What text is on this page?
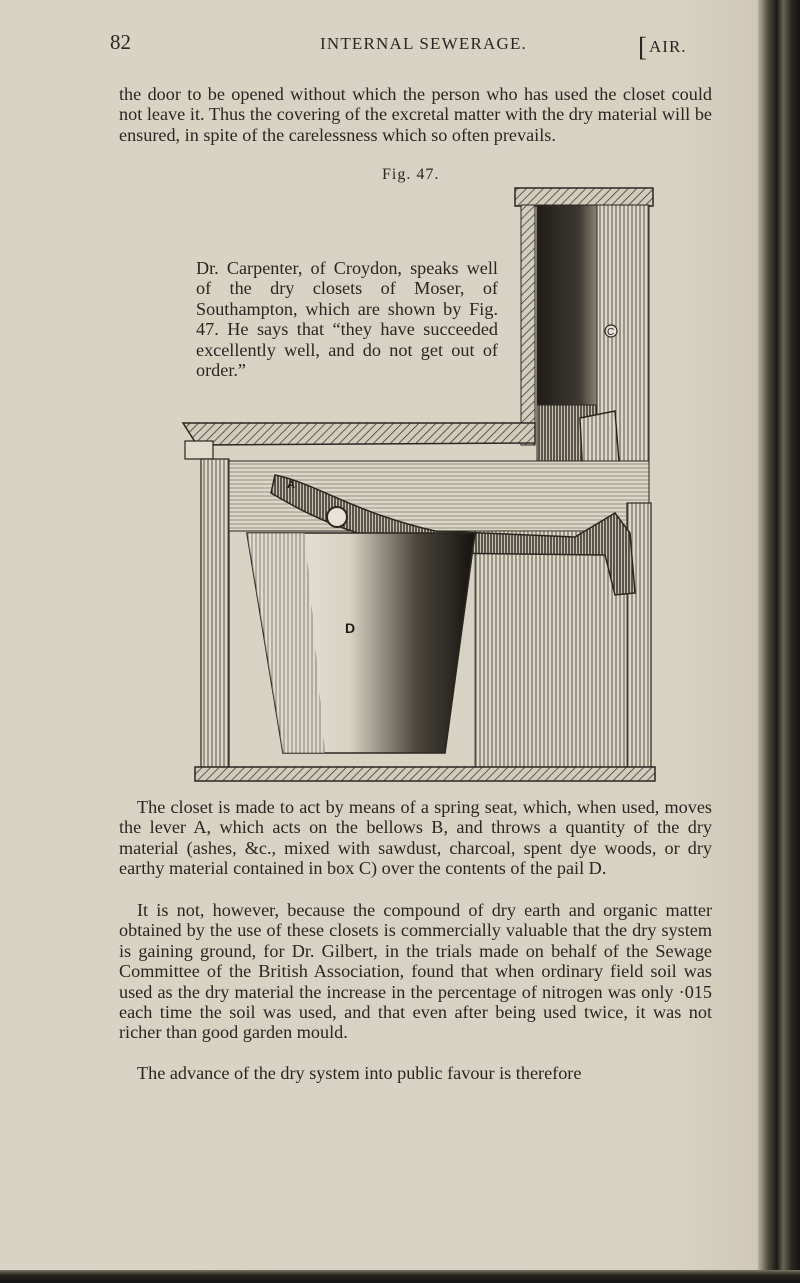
82	INTERNAL SEWERAGE.	[AIR.

the door to be opened without which the person who has used the closet could not leave it. Thus the covering of the excretal matter with the dry material will be ensured, in spite of the carelessness which so often prevails.

Fig. 47.
C
D
A

Dr. Carpenter, of Croydon, speaks well of the dry closets of Moser, of Southampton, which are shown by Fig. 47. He says that “they have succeeded excellently well, and do not get out of order.”

The closet is made to act by means of a spring seat, which, when used, moves the lever A, which acts on the bellows B, and throws a quantity of the dry material (ashes, &c., mixed with sawdust, charcoal, spent dye woods, or dry earthy material contained in box C) over the contents of the pail D.

It is not, however, because the compound of dry earth and organic matter obtained by the use of these closets is commercially valuable that the dry system is gaining ground, for Dr. Gilbert, in the trials made on behalf of the Sewage Committee of the British Association, found that when ordinary field soil was used as the dry material the increase in the percentage of nitrogen was only ·015 each time the soil was used, and that even after being used twice, it was not richer than good garden mould.

The advance of the dry system into public favour is therefore
